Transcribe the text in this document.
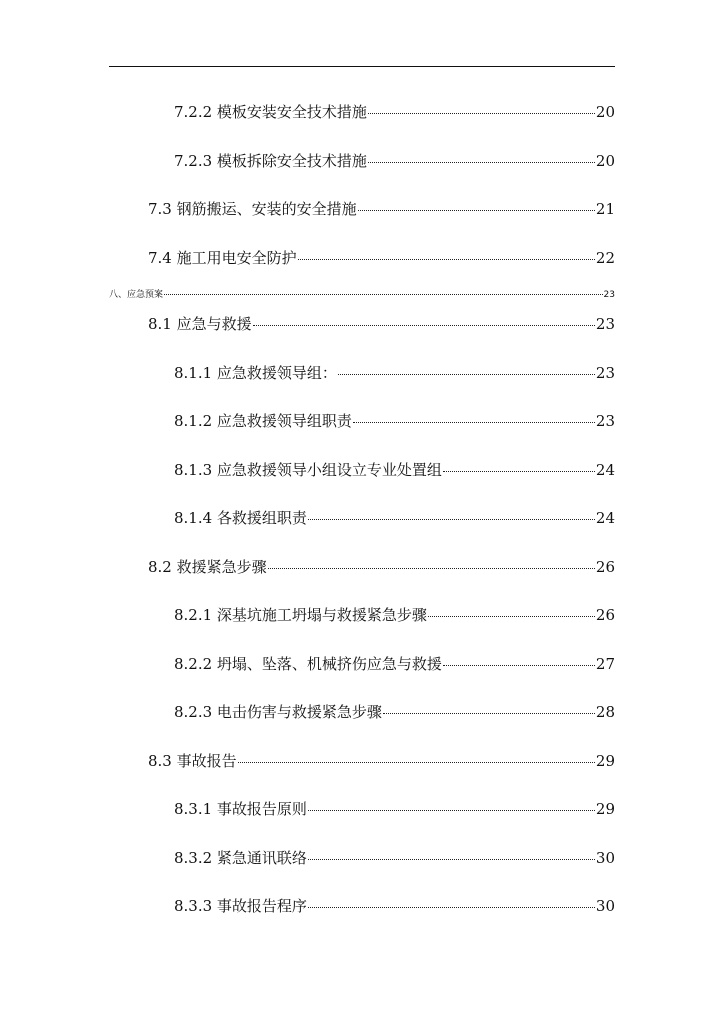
7.2.2 模板安装安全技术措施	20
7.2.3 模板拆除安全技术措施	20
7.3 钢筋搬运、安装的安全措施	21
7.4 施工用电安全防护	22
八、应急预案	23
8.1 应急与救援	23
8.1.1 应急救援领导组：	23
8.1.2 应急救援领导组职责	23
8.1.3 应急救援领导小组设立专业处置组	24
8.1.4 各救援组职责	24
8.2 救援紧急步骤	26
8.2.1 深基坑施工坍塌与救援紧急步骤	26
8.2.2 坍塌、坠落、机械挤伤应急与救援	27
8.2.3 电击伤害与救援紧急步骤	28
8.3 事故报告	29
8.3.1 事故报告原则	29
8.3.2 紧急通讯联络	30
8.3.3 事故报告程序	30
